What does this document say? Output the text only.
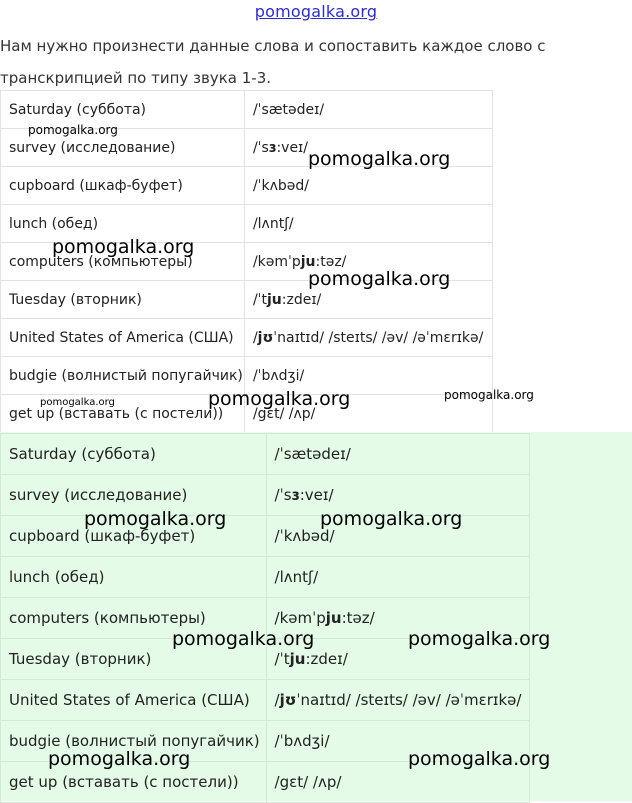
pomogalka.org
Нам нужно произнести данные слова и сопоставить каждое слово с транскрипцией по типу звука 1-3.
Saturday (суббота)	/ˈsætədeɪ/
survey (исследование)	/ˈsɜ:veɪ/
cupboard (шкаф-буфет)	/ˈkʌbəd/
lunch (обед)	/lʌntʃ/
computers (компьютеры)	/kəmˈpju:təz/
Tuesday (вторник)	/ˈtju:zdeɪ/
United States of America (США)	/jʊˈnaɪtɪd/ /steɪts/ /əv/ /əˈmɛrɪkə/
budgie (волнистый попугайчик)	/ˈbʌdʒi/
get up (вставать (с постели))	/gɛt/ /ʌp/
Saturday (суббота)	/ˈsætədeɪ/
survey (исследование)	/ˈsɜ:veɪ/
cupboard (шкаф-буфет)	/ˈkʌbəd/
lunch (обед)	/lʌntʃ/
computers (компьютеры)	/kəmˈpju:təz/
Tuesday (вторник)	/ˈtju:zdeɪ/
United States of America (США)	/jʊˈnaɪtɪd/ /steɪts/ /əv/ /əˈmɛrɪkə/
budgie (волнистый попугайчик)	/ˈbʌdʒi/
get up (вставать (с постели))	/gɛt/ /ʌp/
pomogalka.org
pomogalka.org
pomogalka.org
pomogalka.org
pomogalka.org
pomogalka.org
pomogalka.org
pomogalka.org	pomogalka.org
pomogalka.org	pomogalka.org
pomogalka.org	pomogalka.org
